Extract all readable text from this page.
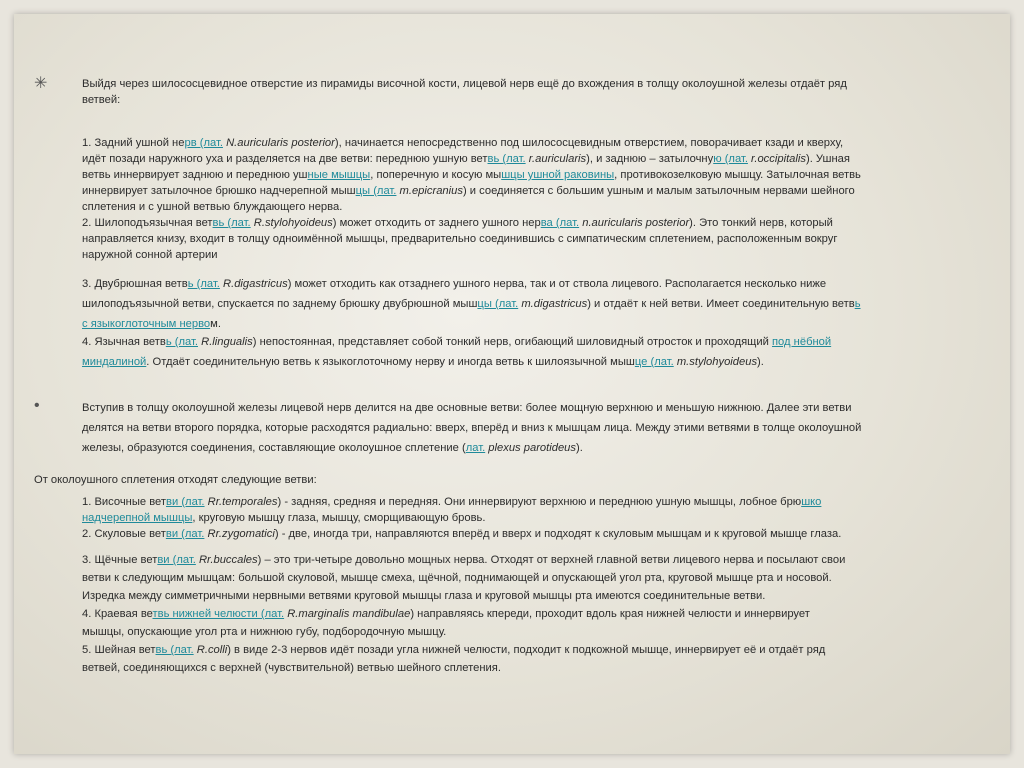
✳	Выйдя через шилососцевидное отверстие из пирамиды височной кости, лицевой нерв ещё до вхождения в толщу околоушной железы отдаёт ряд
ветвей:
1. Задний ушной нерв (лат. N.auricularis posterior), начинается непосредственно под шилососцевидным отверстием, поворачивает кзади и кверху,
идёт позади наружного уха и разделяется на две ветви: переднюю ушную ветвь (лат. r.auricularis), и заднюю – затылочную (лат. r.occipitalis). Ушная
ветвь иннервирует заднюю и переднюю ушные мышцы, поперечную и косую мышцы ушной раковины, противокозелковую мышцу. Затылочная ветвь
иннервирует затылочное брюшко надчерепной мышцы (лат. m.epicranius) и соединяется с большим ушным и малым затылочным нервами шейного
сплетения и с ушной ветвью блуждающего нерва.
2. Шилоподъязычная ветвь (лат. R.stylohyoideus) может отходить от заднего ушного нерва (лат. n.auricularis posterior). Это тонкий нерв, который
направляется книзу, входит в толщу одноимённой мышцы, предварительно соединившись с симпатическим сплетением, расположенным вокруг
наружной сонной артерии
3. Двубрюшная ветвь (лат. R.digastricus) может отходить как отзаднего ушного нерва, так и от ствола лицевого. Располагается несколько ниже
шилоподъязычной ветви, спускается по заднему брюшку двубрюшной мышцы (лат. m.digastricus) и отдаёт к ней ветви. Имеет соединительную ветвь
с языкоглоточным нервом.
4. Язычная ветвь (лат. R.lingualis) непостоянная, представляет собой тонкий нерв, огибающий шиловидный отросток и проходящий под нёбной
миндалиной. Отдаёт соединительную ветвь к языкоглоточному нерву и иногда ветвь к шилоязычной мышце (лат. m.stylohyoideus).
•	Вступив в толщу околоушной железы лицевой нерв делится на две основные ветви: более мощную верхнюю и меньшую нижнюю. Далее эти ветви
делятся на ветви второго порядка, которые расходятся радиально: вверх, вперёд и вниз к мышцам лица. Между этими ветвями в толще околоушной
железы, образуются соединения, составляющие околоушное сплетение (лат. plexus parotideus).
От околоушного сплетения отходят следующие ветви:
1. Височные ветви (лат. Rr.temporales) - задняя, средняя и передняя. Они иннервируют верхнюю и переднюю ушную мышцы, лобное брюшко
надчерепной мышцы, круговую мышцу глаза, мышцу, сморщивающую бровь.
2. Скуловые ветви (лат. Rr.zygomatici) - две, иногда три, направляются вперёд и вверх и подходят к скуловым мышцам и к круговой мышце глаза.
3. Щёчные ветви (лат. Rr.buccales) – это три-четыре довольно мощных нерва. Отходят от верхней главной ветви лицевого нерва и посылают свои
ветви к следующим мышцам: большой скуловой, мышце смеха, щёчной, поднимающей и опускающей угол рта, круговой мышце рта и носовой.
Изредка между симметричными нервными ветвями круговой мышцы глаза и круговой мышцы рта имеются соединительные ветви.
4. Краевая ветвь нижней челюсти (лат. R.marginalis mandibulae) направляясь кпереди, проходит вдоль края нижней челюсти и иннервирует
мышцы, опускающие угол рта и нижнюю губу, подбородочную мышцу.
5. Шейная ветвь (лат. R.colli) в виде 2-3 нервов идёт позади угла нижней челюсти, подходит к подкожной мышце, иннервирует её и отдаёт ряд
ветвей, соединяющихся с верхней (чувствительной) ветвью шейного сплетения.
